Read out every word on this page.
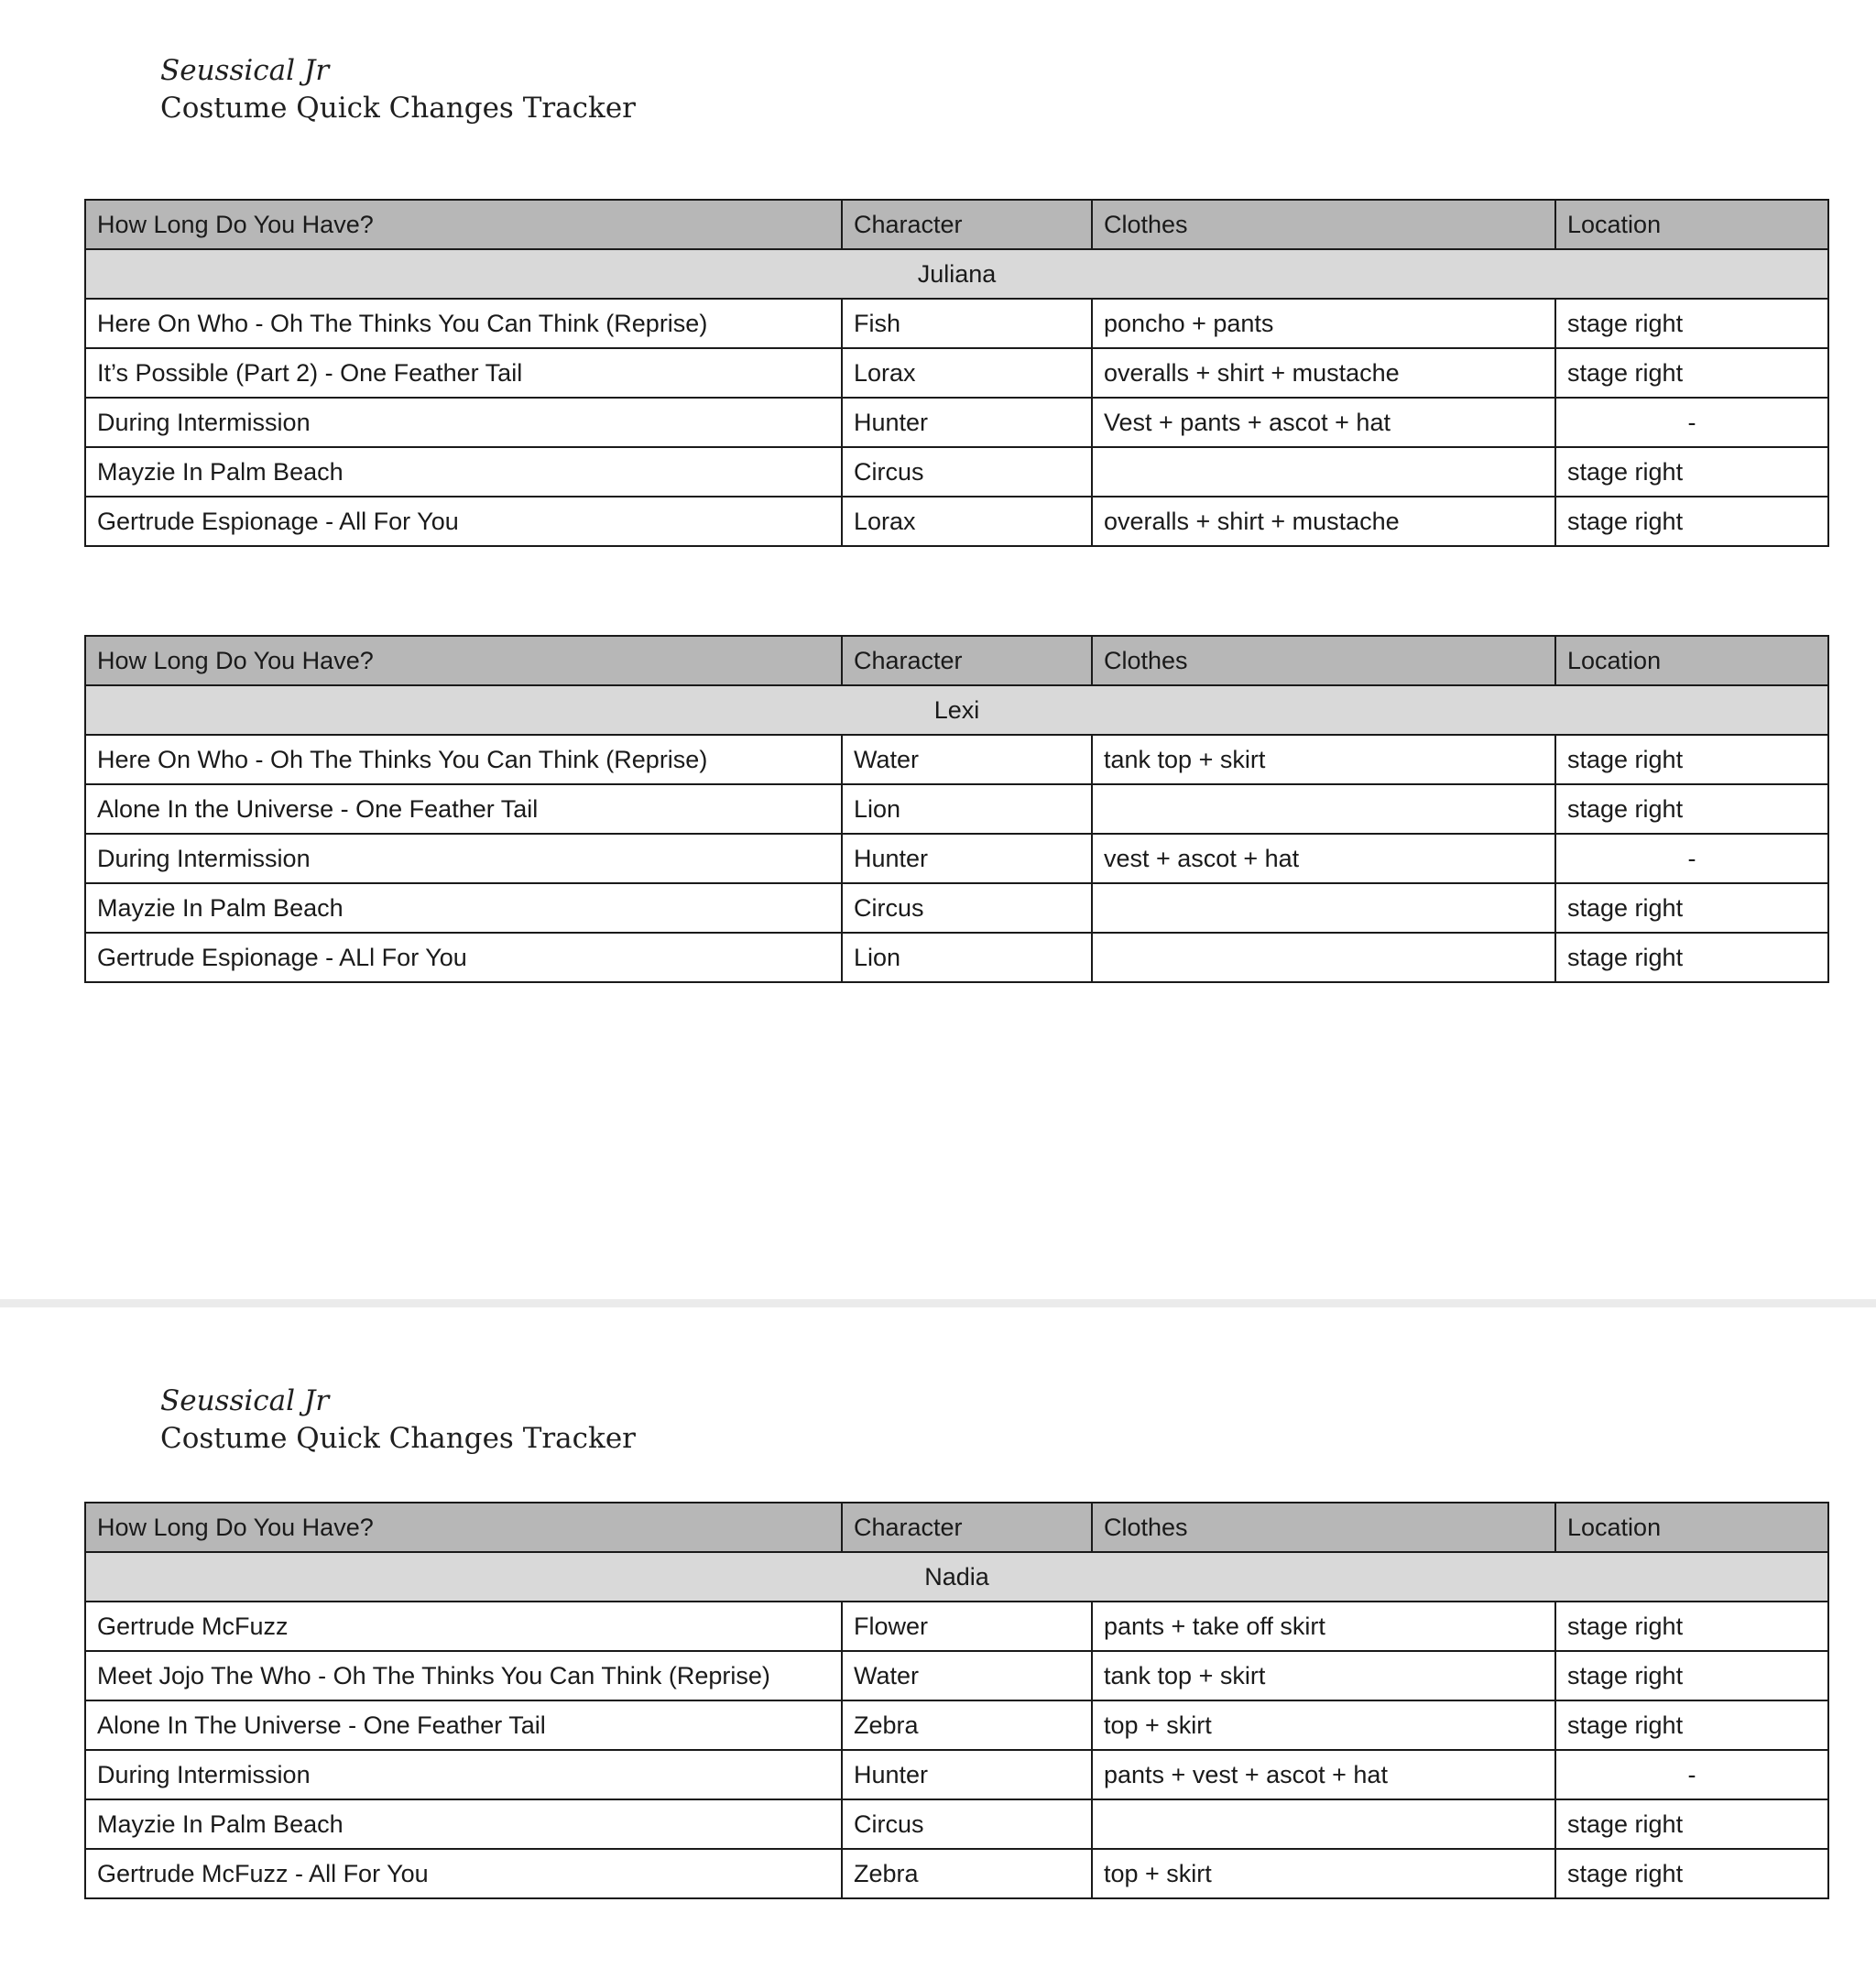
Seussical Jr
Costume Quick Changes Tracker
How Long Do You Have?	Character	Clothes	Location
Juliana			
Here On Who - Oh The Thinks You Can Think (Reprise)	Fish	poncho + pants	stage right
It’s Possible (Part 2) - One Feather Tail	Lorax	overalls + shirt + mustache	stage right
During Intermission	Hunter	Vest + pants + ascot + hat	-
Mayzie In Palm Beach	Circus		stage right
Gertrude Espionage - All For You	Lorax	overalls + shirt + mustache	stage right
How Long Do You Have?	Character	Clothes	Location
Lexi			
Here On Who - Oh The Thinks You Can Think (Reprise)	Water	tank top + skirt	stage right
Alone In the Universe - One Feather Tail	Lion		stage right
During Intermission	Hunter	vest + ascot + hat	-
Mayzie In Palm Beach	Circus		stage right
Gertrude Espionage - ALl For You	Lion		stage right
Seussical Jr
Costume Quick Changes Tracker
How Long Do You Have?	Character	Clothes	Location
Nadia			
Gertrude McFuzz	Flower	pants + take off skirt	stage right
Meet Jojo The Who - Oh The Thinks You Can Think (Reprise)	Water	tank top + skirt	stage right
Alone In The Universe - One Feather Tail	Zebra	top + skirt	stage right
During Intermission	Hunter	pants + vest + ascot + hat	-
Mayzie In Palm Beach	Circus		stage right
Gertrude McFuzz - All For You	Zebra	top + skirt	stage right
